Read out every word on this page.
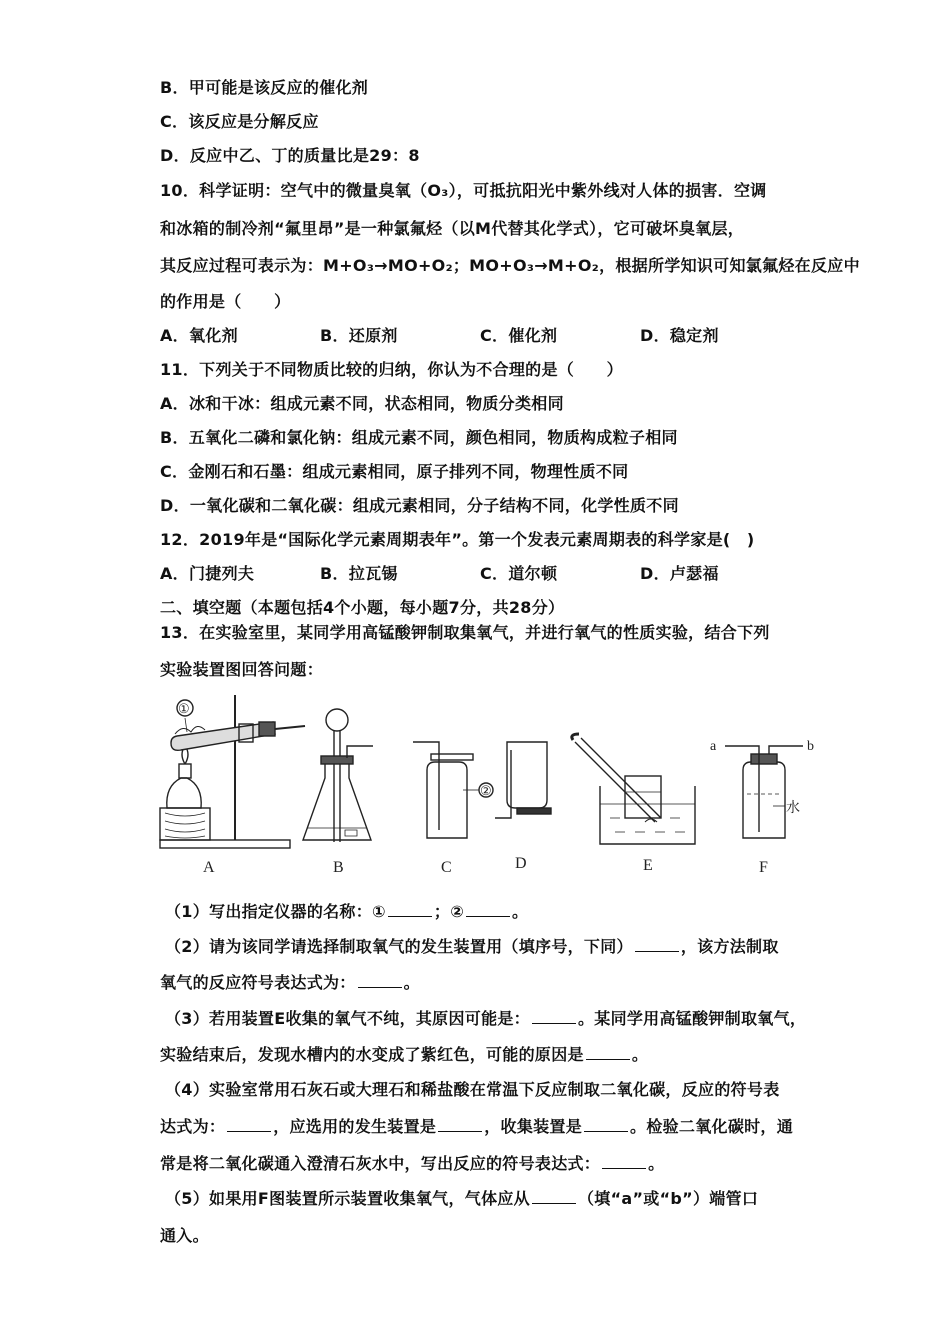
B．甲可能是该反应的催化剂
C．该反应是分解反应
D．反应中乙、丁的质量比是29：8
10．科学证明：空气中的微量臭氧（O₃），可抵抗阳光中紫外线对人体的损害．空调
和冰箱的制冷剂“氟里昂”是一种氯氟烃（以M代替其化学式），它可破坏臭氧层，
其反应过程可表示为：M+O₃→MO+O₂；MO+O₃→M+O₂，根据所学知识可知氯氟烃在反应中
的作用是（　　）
A．氧化剂	B．还原剂	C．催化剂	D．稳定剂
11．下列关于不同物质比较的归纳，你认为不合理的是（　　）
A．冰和干冰：组成元素不同，状态相同，物质分类相同
B．五氧化二磷和氯化钠：组成元素不同，颜色相同，物质构成粒子相同
C．金刚石和石墨：组成元素相同，原子排列不同，物理性质不同
D．一氧化碳和二氧化碳：组成元素相同，分子结构不同，化学性质不同
12．2019年是“国际化学元素周期表年”。第一个发表元素周期表的科学家是(　)
A．门捷列夫	B．拉瓦锡	C．道尔顿	D．卢瑟福
二、填空题（本题包括4个小题，每小题7分，共28分）
13．在实验室里，某同学用高锰酸钾制取集氧气，并进行氧气的性质实验，结合下列
实验装置图回答问题：
A	B	C	D	E	F
①
②
a	b
水
（1）写出指定仪器的名称：①	；②	。
（2）请为该同学请选择制取氧气的发生装置用（填序号，下同）	，该方法制取
氧气的反应符号表达式为：	。
（3）若用装置E收集的氧气不纯，其原因可能是：	。某同学用高锰酸钾制取氧气，
实验结束后，发现水槽内的水变成了紫红色，可能的原因是	。
（4）实验室常用石灰石或大理石和稀盐酸在常温下反应制取二氧化碳，反应的符号表
达式为：	，应选用的发生装置是	，收集装置是	。检验二氧化碳时，通
常是将二氧化碳通入澄清石灰水中，写出反应的符号表达式：	。
（5）如果用F图装置所示装置收集氧气，气体应从	（填“a”或“b”）端管口
通入。
